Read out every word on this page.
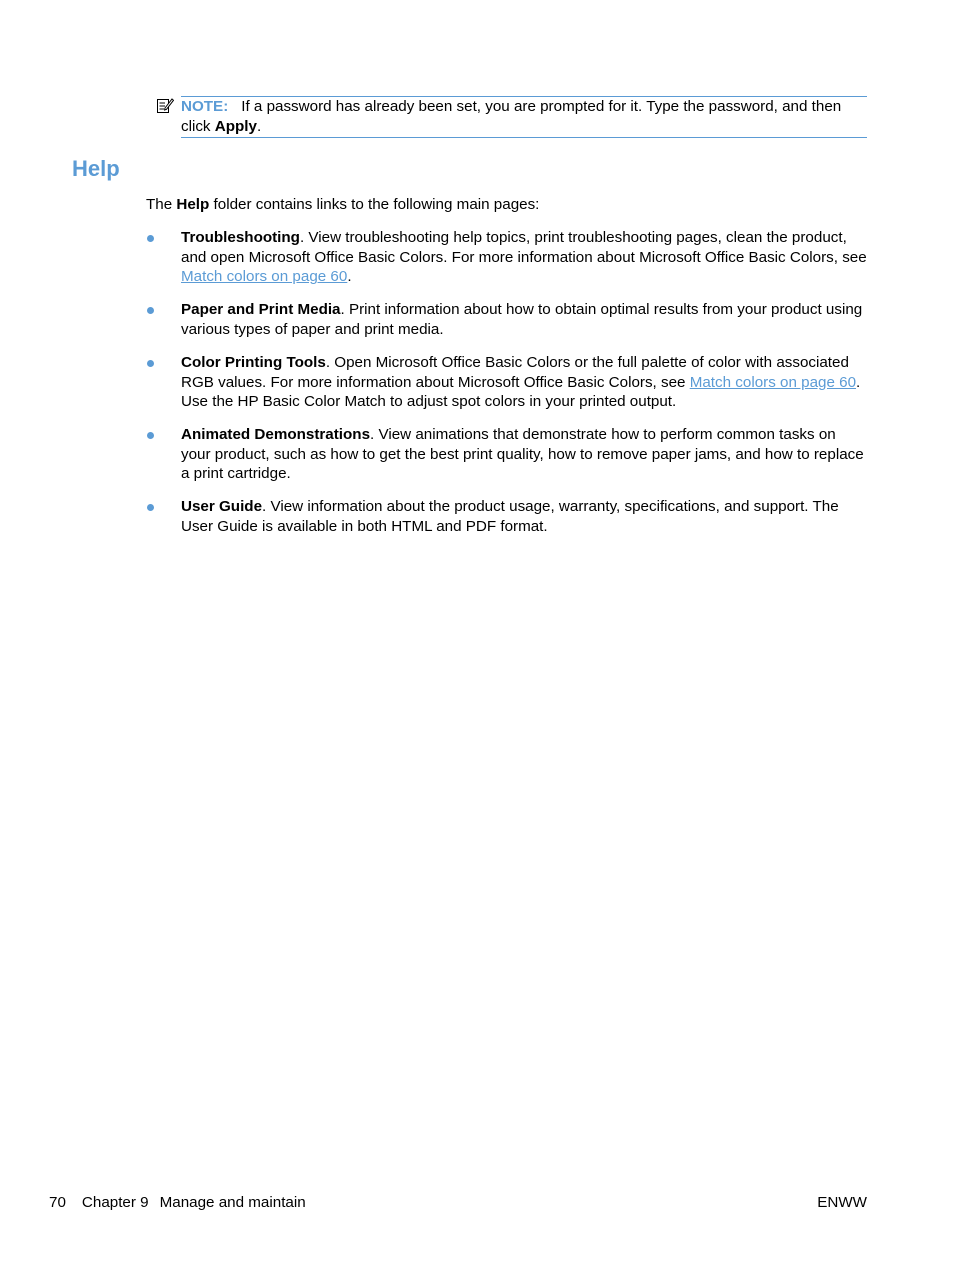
NOTE: If a password has already been set, you are prompted for it. Type the password, and then click Apply.
Help

The Help folder contains links to the following main pages:

Troubleshooting. View troubleshooting help topics, print troubleshooting pages, clean the product, and open Microsoft Office Basic Colors. For more information about Microsoft Office Basic Colors, see Match colors on page 60.
Paper and Print Media. Print information about how to obtain optimal results from your product using various types of paper and print media.
Color Printing Tools. Open Microsoft Office Basic Colors or the full palette of color with associated RGB values. For more information about Microsoft Office Basic Colors, see Match colors on page 60. Use the HP Basic Color Match to adjust spot colors in your printed output.
Animated Demonstrations. View animations that demonstrate how to perform common tasks on your product, such as how to get the best print quality, how to remove paper jams, and how to replace a print cartridge.
User Guide. View information about the product usage, warranty, specifications, and support. The User Guide is available in both HTML and PDF format.
70 Chapter 9 Manage and maintain	ENWW
